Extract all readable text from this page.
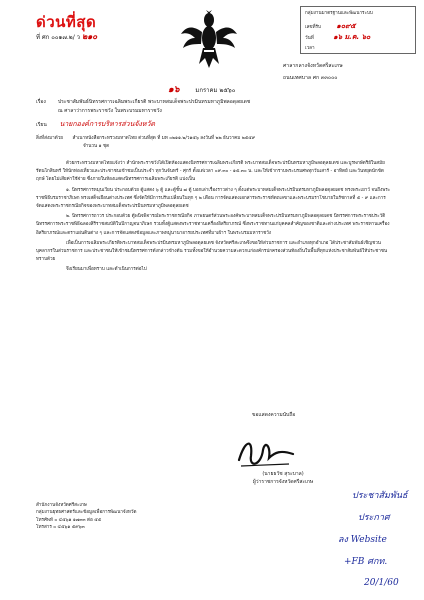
ด่วนที่สุด
ที่ ศก ๐๐๑๗.๒/ ว ๒๑๐
กลุ่มงานมาตรฐานและพัฒนาระบบ
เลขที่รับ ๑๐๙๕
วันที่	๑๖ ม.ค. ๖๐
เวลา
ศาลากลางจังหวัดศรีสะเกษ
ถนนเทศบาล ศก ๓๓๐๐๐
๑๖	มกราคม ๒๕๖๐
เรื่อง ประชาสัมพันธ์นิทรรศการเฉลิมพระเกียรติ พระบาทสมเด็จพระปรมินทรมหาภูมิพลอดุลยเดช
ณ ศาลาว่าการพระราชวัง ในพระบรมมหาราชวัง
เรียน นายกองค์การบริหารส่วนจังหวัด
สิ่งที่ส่งมาด้วย สำเนาหนังสือกระทรวงมหาดไทย ด่วนที่สุด ที่ มท ๐๒๑๑.๒/ว๑๕๖ ลงวันที่ ๒๒ ธันวาคม ๒๕๕๙
จำนวน ๑ ชุด

ด้วยกระทรวงมหาดไทยแจ้งว่า สำนักพระราชวังได้เปิดห้องแสดงนิทรรศการเฉลิมพระเกียรติ พระบาทสมเด็จพระปรมินทรมหาภูมิพลอดุลยเดช และบูรพกษัตริย์ในสมัยรัตนโกสินทร์ ให้นักท่องเที่ยวและประชาชนเข้าชมเป็นประจำ ทุกวันจันทร์ - ศุกร์ ตั้งแต่เวลา ๐๙.๓๐ - ๑๕.๓๐ น. และให้เข้ากราบพระบรมศพทุกวันเสาร์ - อาทิตย์ และวันหยุดนักขัตฤกษ์ โดยไม่เสียค่าใช้จ่าย ซึ่งภายในห้องแสดงนิทรรศการเฉลิมพระเกียรติ แบ่งเป็น

๑. นิทรรศการหมุนเวียน ประกอบด้วย ตู้แสดง ๖ ตู้ และตู้ชั้น ๗ ตู้ บอกเล่าเรื่องราวต่าง ๆ ตั้งแต่พระบาทสมเด็จพระปรมินทรมหาภูมิพลอดุลยเดช ทรงพระเยาว์ จนถึงพระราชพิธีบรมราชาภิเษก ทรงเสด็จเยือนต่างประเทศ ซึ่งจัดให้มีการปรับเปลี่ยนในทุก ๆ ๒ เดือน การจัดแสดงเอกสารพระราชหัตถเลขาและพระบรมราโชบายในรัชกาลที่ ๕ - ๙ และการจัดแสดงพระราชกรณียกิจของพระบาทสมเด็จพระปรมินทรมหาภูมิพลอดุลยเดช

๒. นิทรรศการถาวร ประกอบด้วย ตู้พนิจพิจารณ์พระราชกรณียกิจ ภาพยนตร์ส่วนพระองค์พระบาทสมเด็จพระปรมินทรมหาภูมิพลอดุลยเดช นิทรรศการพระราชประวัติ นิทรรศการพระราชพิธีฉลองสิริราชสมบัติในปีกาญจนาภิเษก รวมทั้งตู้แสดงพระราชทานเครื่องอิสริยาภรณ์ ซึ่งพระราชทานแก่บุคคลสำคัญของชาติและต่างประเทศ พระราชทานเครื่องอิสริยาภรณ์และตราแผ่นดินต่าง ๆ และการจัดแสดงข้อมูลและภาพหมู่นานาอารยประเทศที่มาเฝ้าฯ ในพระบรมมหาราชวัง

เพื่อเป็นการเฉลิมพระเกียรติพระบาทสมเด็จพระปรมินทรมหาภูมิพลอดุลยเดช จังหวัดศรีสะเกษจึงขอให้ส่วนราชการ และอำเภอทุกอำเภอ ได้ประชาสัมพันธ์เชิญชวนบุคลากรในส่วนราชการ และประชาชนให้เข้าชมนิทรรศการดังกล่าวข้างต้น รวมทั้งขอให้อำนวยความสะดวกแก่องค์กรปกครองส่วนท้องถิ่นในพื้นที่ทุกแห่งประชาสัมพันธ์ให้ประชาชนทราบด้วย

จึงเรียนมาเพื่อทราบ และดำเนินการต่อไป

ขอแสดงความนับถือ
(นายธวัช สุระบาล)
ผู้ว่าราชการจังหวัดศรีสะเกษ
สำนักงานจังหวัดศรีสะเกษ
กลุ่มงานยุทธศาสตร์และข้อมูลเพื่อการพัฒนาจังหวัด
โทรศัพท์ ๐ ๔๕๖๑ ๑๗๓๓ ต่อ ๕๕
โทรสาร ๐ ๔๕๖๑ ๕๙๖๓
ประชาสัมพันธ์
ประกาศ
ลง Website
+FB ศกท.
20/1/60
